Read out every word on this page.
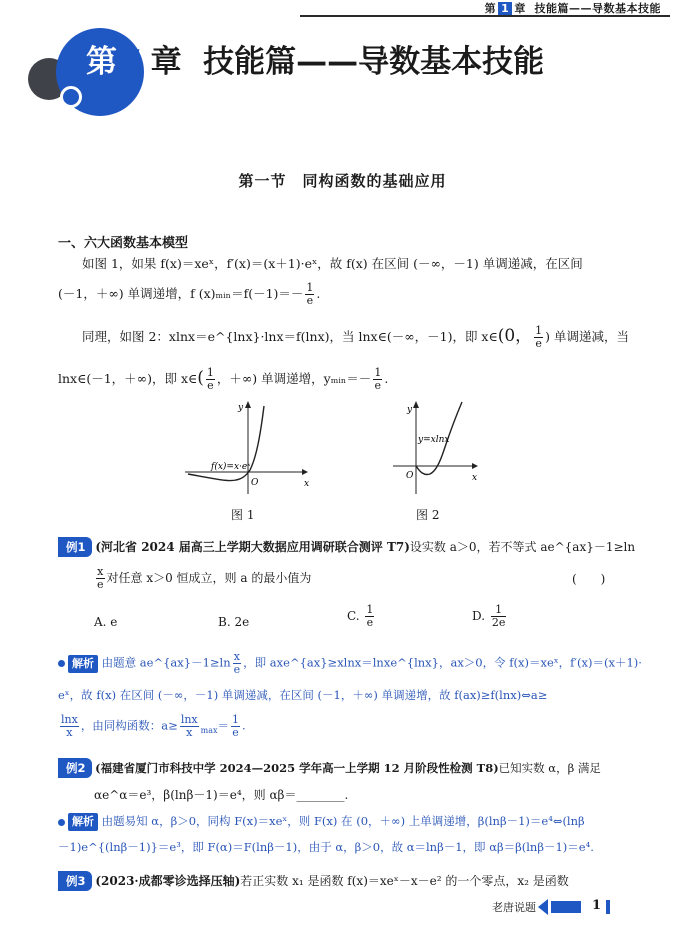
第 1 章 技能篇——导数基本技能
第 1 章 技能篇——导数基本技能
第一节　同构函数的基础应用
一、六大函数基本模型
如图 1，如果 f(x)＝xeˣ，f′(x)＝(x＋1)·eˣ，故 f(x) 在区间 (－∞，－1) 单调递减，在区间
(－1，＋∞) 单调递增，f (x)ₘᵢₙ＝f(－1)＝－ $\frac{1}{e}$ .
同理，如图 2：xlnx＝e^{lnx}·lnx＝f(lnx)，当 lnx∈(－∞，－1)，即 x∈(0， $\frac{1}{e}$ ) 单调递减，当
lnx∈(－1，＋∞)，即 x∈( $\frac{1}{e}$ ，＋∞) 单调递增，yₘᵢₙ＝－ $\frac{1}{e}$ .
f(x)=x·eˣ
x
y
O
图 1
y=xlnx
x
y
O
图 2
例1 (河北省 2024 届高三上学期大数据应用调研联合测评 T7)设实数 a＞0，若不等式 ae^{ax}－1≥ln
$\frac{x}{e}$ 对任意 x＞0 恒成立，则 a 的最小值为	(　　)
A. e	B. 2e	C. $\frac{1}{e}$	D. $\frac{1}{2e}$
解析 由题意 ae^{ax}－1≥ln $\frac{x}{e}$ ，即 axe^{ax}≥xlnx＝lnxe^{lnx}，ax＞0，令 f(x)＝xeˣ，f′(x)＝(x＋1)·
eˣ，故 f(x) 在区间 (－∞，－1) 单调递减，在区间 (－1，＋∞) 单调递增，故 f(ax)≥f(lnx)⇔a≥
$\frac{\ln x}{x}$ ，由同构函数：$a\ge \frac{\ln x}{x} _{max}= \frac{1}{e}$ .
例2 (福建省厦门市科技中学 2024—2025 学年高一上学期 12 月阶段性检测 T8)已知实数 α，β 满足
αe^α＝e³，β(lnβ－1)＝e⁴，则 αβ＝________.
解析 由题易知 α，β＞0，同构 F(x)＝xeˣ，则 F(x) 在 (0，＋∞) 上单调递增，β(lnβ－1)＝e⁴⇔(lnβ
－1)e^{(lnβ－1)}＝e³，即 F(α)＝F(lnβ－1)，由于 α，β＞0，故 α＝lnβ－1，即 αβ＝β(lnβ－1)＝e⁴.
例3 (2023·成都零诊选择压轴)若正实数 x₁ 是函数 f(x)＝xeˣ－x－e² 的一个零点，x₂ 是函数
老唐说题	1
